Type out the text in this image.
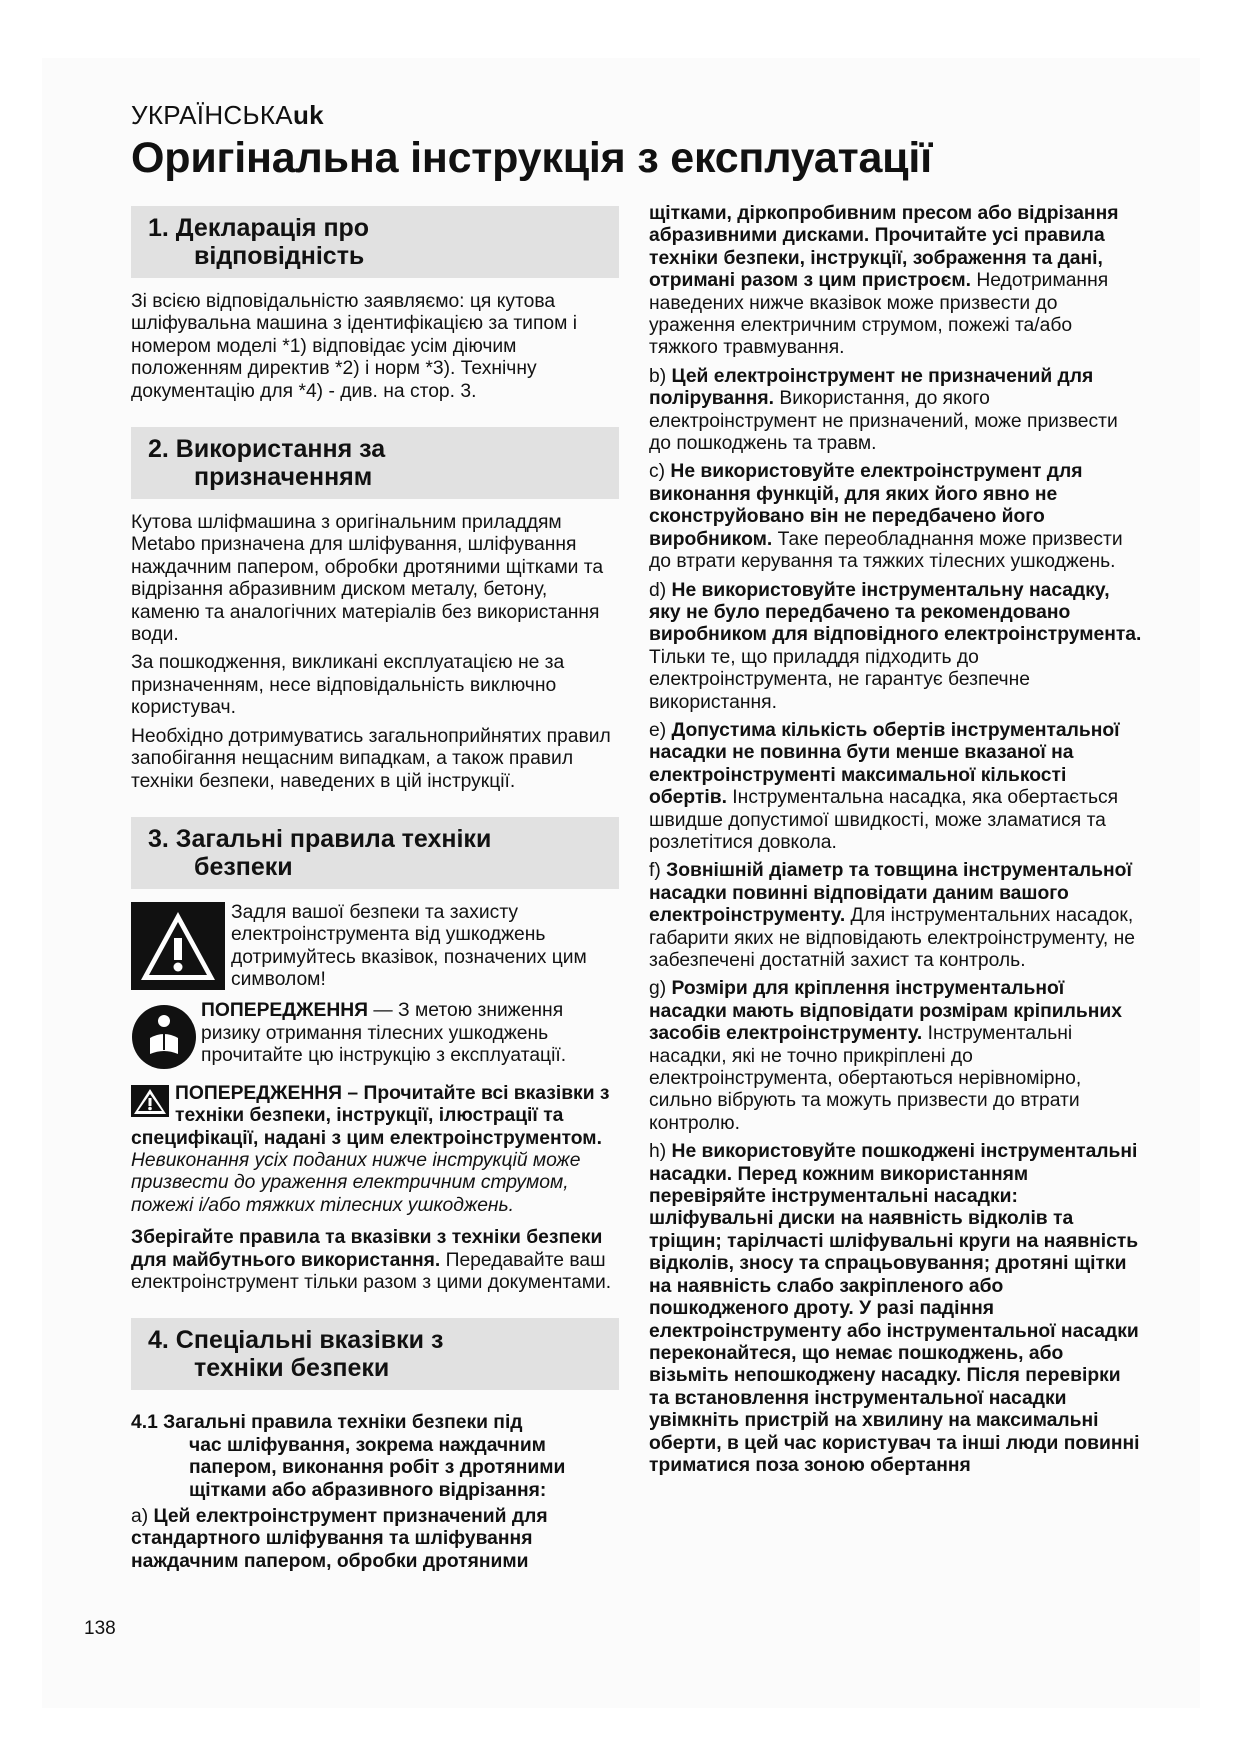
УКРАЇНСЬКАuk
Оригінальна інструкція з експлуатації
1. Декларація про
відповідність

Зі всією відповідальністю заявляємо: ця кутова шліфувальна машина з ідентифікацією за типом і номером моделі *1) відповідає усім діючим положенням директив *2) і норм *3). Технічну документацію для *4) - див. на стор. 3.

2. Використання за
призначенням

Кутова шліфмашина з оригінальним приладдям Metabo призначена для шліфування, шліфування наждачним папером, обробки дротяними щітками та відрізання абразивним диском металу, бетону, каменю та аналогічних матеріалів без використання води.

За пошкодження, викликані експлуатацією не за призначенням, несе відповідальність виключно користувач.

Необхідно дотримуватись загальноприйнятих правил запобігання нещасним випадкам, а також правил техніки безпеки, наведених в цій інструкції.

3. Загальні правила техніки
безпеки
Задля вашої безпеки та захисту електроінструмента від ушкоджень дотримуйтесь вказівок, позначених цим символом!
ПОПЕРЕДЖЕННЯ — З метою зниження ризику отримання тілесних ушкоджень прочитайте цю інструкцію з експлуатації.

ПОПЕРЕДЖЕННЯ – Прочитайте всі вказівки з техніки безпеки, інструкції, ілюстрації та специфікації, надані з цим електроінструментом. Невиконання усіх поданих нижче інструкцій може призвести до ураження електричним струмом, пожежі і/або тяжких тілесних ушкоджень.

Зберігайте правила та вказівки з техніки безпеки для майбутнього використання. Передавайте ваш електроінструмент тільки разом з цими документами.

4. Спеціальні вказівки з
техніки безпеки
4.1 Загальні правила техніки безпеки під
час шліфування, зокрема наждачним папером, виконання робіт з дротяними щітками або абразивного відрізання:

a) Цей електроінструмент призначений для стандартного шліфування та шліфування наждачним папером, обробки дротяними

щітками, діркопробивним пресом або відрізання абразивними дисками. Прочитайте усі правила техніки безпеки, інструкції, зображення та дані, отримані разом з цим пристроєм. Недотримання наведених нижче вказівок може призвести до ураження електричним струмом, пожежі та/або тяжкого травмування.

b) Цей електроінструмент не призначений для полірування. Використання, до якого електроінструмент не призначений, може призвести до пошкоджень та травм.

c) Не використовуйте електроінструмент для виконання функцій, для яких його явно не сконструйовано він не передбачено його виробником. Таке переобладнання може призвести до втрати керування та тяжких тілесних ушкоджень.

d) Не використовуйте інструментальну насадку, яку не було передбачено та рекомендовано виробником для відповідного електроінструмента. Тільки те, що приладдя підходить до електроінструмента, не гарантує безпечне використання.

e) Допустима кількість обертів інструментальної насадки не повинна бути менше вказаної на електроінструменті максимальної кількості обертів. Інструментальна насадка, яка обертається швидше допустимої швидкості, може зламатися та розлетітися довкола.

f) Зовнішній діаметр та товщина інструментальної насадки повинні відповідати даним вашого електроінструменту. Для інструментальних насадок, габарити яких не відповідають електроінструменту, не забезпечені достатній захист та контроль.

g) Розміри для кріплення інструментальної насадки мають відповідати розмірам кріпильних засобів електроінструменту. Інструментальні насадки, які не точно прикріплені до електроінструмента, обертаються нерівномірно, сильно вібрують та можуть призвести до втрати контролю.

h) Не використовуйте пошкоджені інструментальні насадки. Перед кожним використанням перевіряйте інструментальні насадки: шліфувальні диски на наявність відколів та тріщин; тарілчасті шліфувальні круги на наявність відколів, зносу та спрацьовування; дротяні щітки на наявність слабо закріпленого або пошкодженого дроту. У разі падіння електроінструменту або інструментальної насадки переконайтеся, що немає пошкоджень, або візьміть непошкоджену насадку. Після перевірки та встановлення інструментальної насадки увімкніть пристрій на хвилину на максимальні оберти, в цей час користувач та інші люди повинні триматися поза зоною обертання

138
